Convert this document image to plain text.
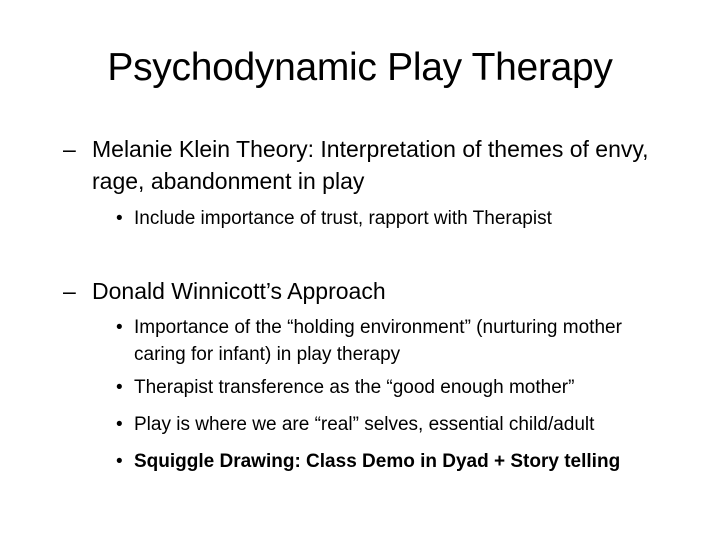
Psychodynamic Play Therapy
– Melanie Klein Theory: Interpretation of themes of envy, rage, abandonment in play
• Include importance of trust, rapport with Therapist
– Donald Winnicott’s Approach
• Importance of the “holding environment” (nurturing mother caring for infant) in play therapy
• Therapist transference as the “good enough mother”
• Play is where we are “real” selves, essential child/adult
• Squiggle Drawing: Class Demo in Dyad + Story telling
